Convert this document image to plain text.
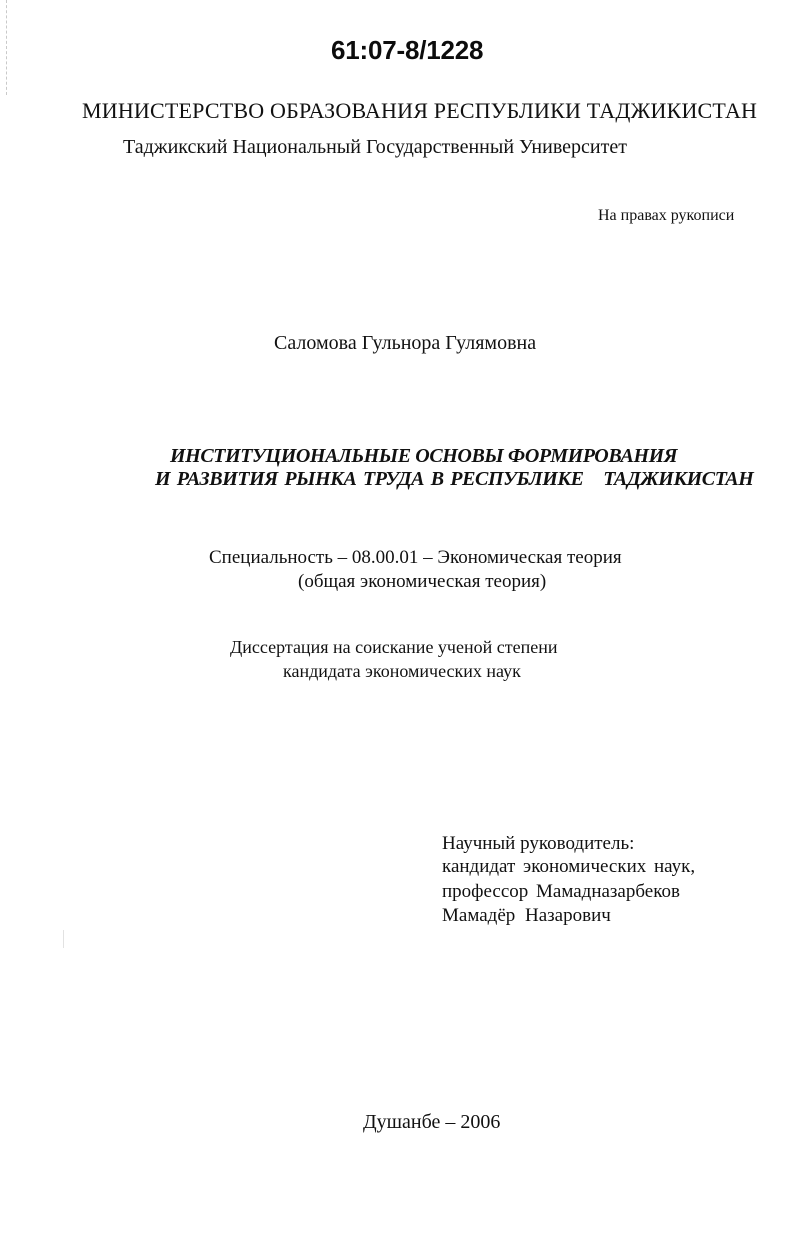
61:07-8/1228
МИНИСТЕРСТВО ОБРАЗОВАНИЯ РЕСПУБЛИКИ ТАДЖИКИСТАН
Таджикский Национальный Государственный Университет
На правах рукописи
Саломова Гульнора Гулямовна
ИНСТИТУЦИОНАЛЬНЫЕ ОСНОВЫ ФОРМИРОВАНИЯ
И РАЗВИТИЯ РЫНКА ТРУДА В РЕСПУБЛИКЕ   ТАДЖИКИСТАН
Специальность – 08.00.01 – Экономическая теория
(общая экономическая теория)
Диссертация на соискание ученой степени
кандидата экономических наук
Научный руководитель:
кандидат экономических наук,
профессор Мамадназарбеков
Мамадёр Назарович
Душанбе – 2006
